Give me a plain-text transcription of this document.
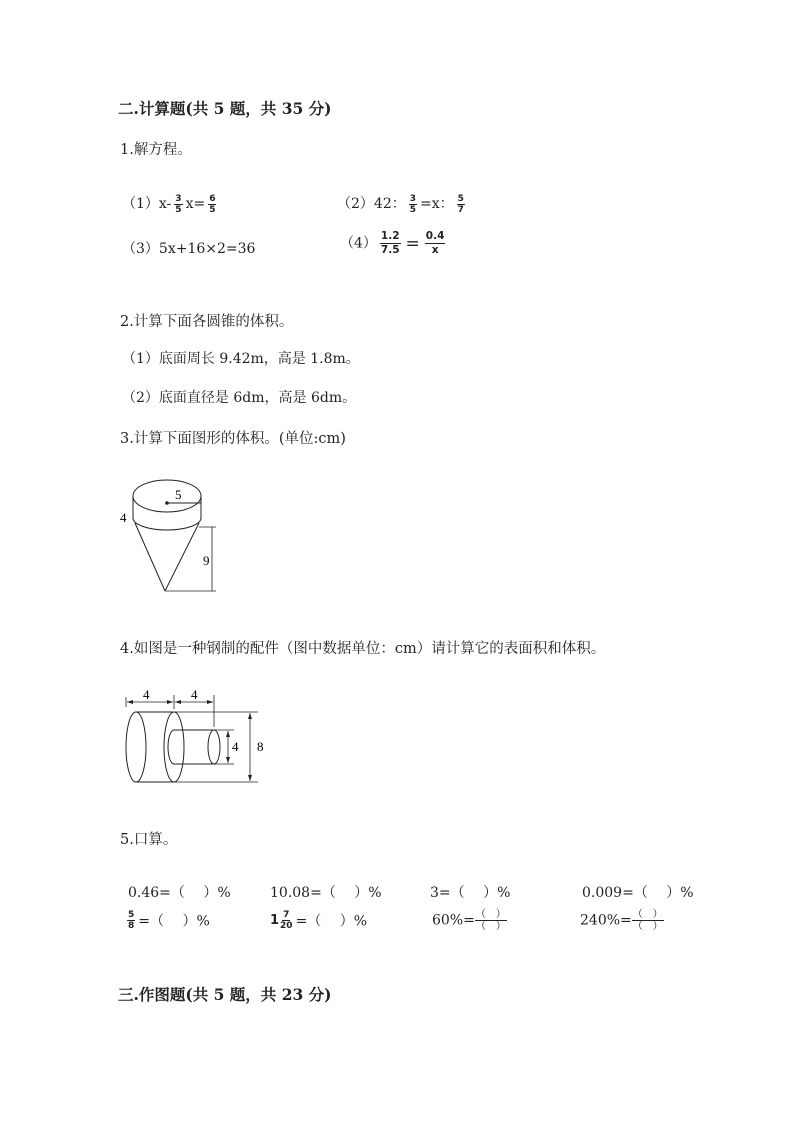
二.计算题(共 5 题，共 35 分)
1.解方程。
$(1)x- \frac{3}{5} x= \frac{6}{5}$	（2）42： $\frac{3}{5} =x$： $\frac{5}{7}$
（3）5x+16×2=36	$(4) \frac{1.2}{7.5} = \frac{0.4}{x}$
2.计算下面各圆锥的体积。
（1）底面周长 9.42m，高是 1.8m。
（2）底面直径是 6dm，高是 6dm。
3.计算下面图形的体积。(单位:cm)
5
4
9
4.如图是一种钢制的配件（图中数据单位：cm）请计算它的表面积和体积。
4	4
4 8
5.口算。
0.46=（　 ）%	10.08=（　 ）%	3=（　 ）%	0.009=（　 ）%
$\frac{5}{8}$ =（　 ）%	$1 \frac{7}{20}$ =（　 ）%	$60\%= \frac{( )}{( )}$	$240\%= \frac{( )}{( )}$
三.作图题(共 5 题，共 23 分)
